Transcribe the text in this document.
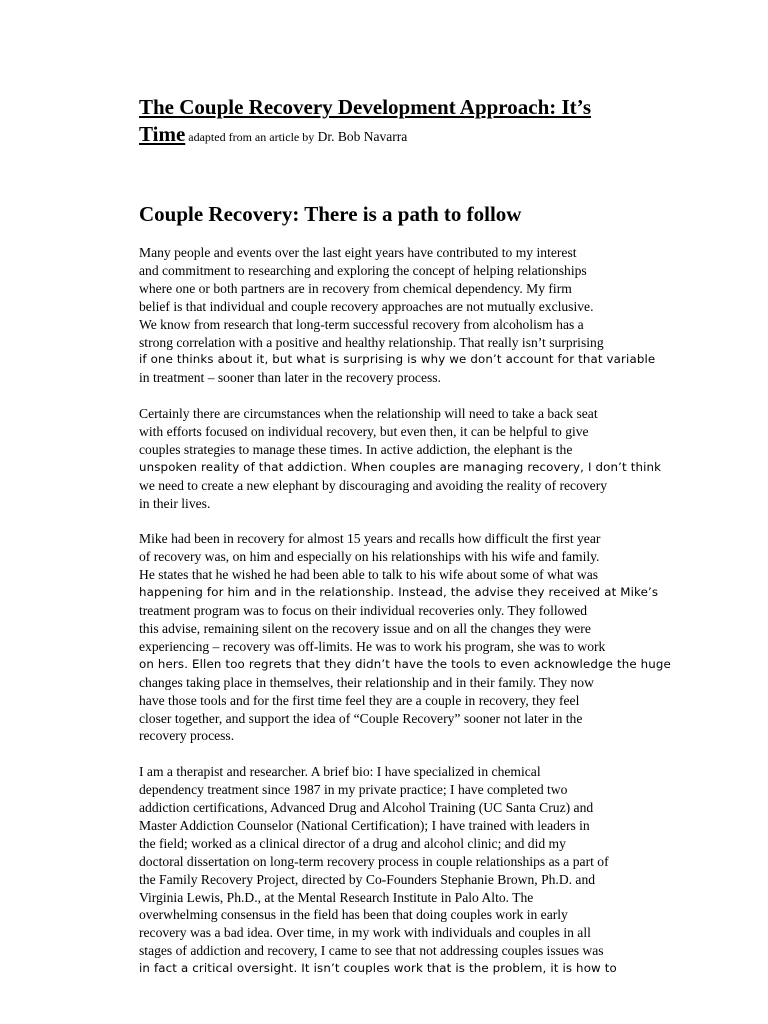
The Couple Recovery Development Approach: It’s
Time adapted from an article by Dr. Bob Navarra
Couple Recovery: There is a path to follow
Many people and events over the last eight years have contributed to my interest
and commitment to researching and exploring the concept of helping relationships
where one or both partners are in recovery from chemical dependency. My firm
belief is that individual and couple recovery approaches are not mutually exclusive.
We know from research that long-term successful recovery from alcoholism has a
strong correlation with a positive and healthy relationship. That really isn’t surprising
if one thinks about it, but what is surprising is why we don’t account for that variable
in treatment – sooner than later in the recovery process.
Certainly there are circumstances when the relationship will need to take a back seat
with efforts focused on individual recovery, but even then, it can be helpful to give
couples strategies to manage these times. In active addiction, the elephant is the
unspoken reality of that addiction. When couples are managing recovery, I don’t think
we need to create a new elephant by discouraging and avoiding the reality of recovery
in their lives.
Mike had been in recovery for almost 15 years and recalls how difficult the first year
of recovery was, on him and especially on his relationships with his wife and family.
He states that he wished he had been able to talk to his wife about some of what was
happening for him and in the relationship. Instead, the advise they received at Mike’s
treatment program was to focus on their individual recoveries only. They followed
this advise, remaining silent on the recovery issue and on all the changes they were
experiencing – recovery was off-limits. He was to work his program, she was to work
on hers. Ellen too regrets that they didn’t have the tools to even acknowledge the huge
changes taking place in themselves, their relationship and in their family. They now
have those tools and for the first time feel they are a couple in recovery, they feel
closer together, and support the idea of “Couple Recovery” sooner not later in the
recovery process.
I am a therapist and researcher. A brief bio: I have specialized in chemical
dependency treatment since 1987 in my private practice; I have completed two
addiction certifications, Advanced Drug and Alcohol Training (UC Santa Cruz) and
Master Addiction Counselor (National Certification); I have trained with leaders in
the field; worked as a clinical director of a drug and alcohol clinic; and did my
doctoral dissertation on long-term recovery process in couple relationships as a part of
the Family Recovery Project, directed by Co-Founders Stephanie Brown, Ph.D. and
Virginia Lewis, Ph.D., at the Mental Research Institute in Palo Alto. The
overwhelming consensus in the field has been that doing couples work in early
recovery was a bad idea. Over time, in my work with individuals and couples in all
stages of addiction and recovery, I came to see that not addressing couples issues was
in fact a critical oversight. It isn’t couples work that is the problem, it is how to
